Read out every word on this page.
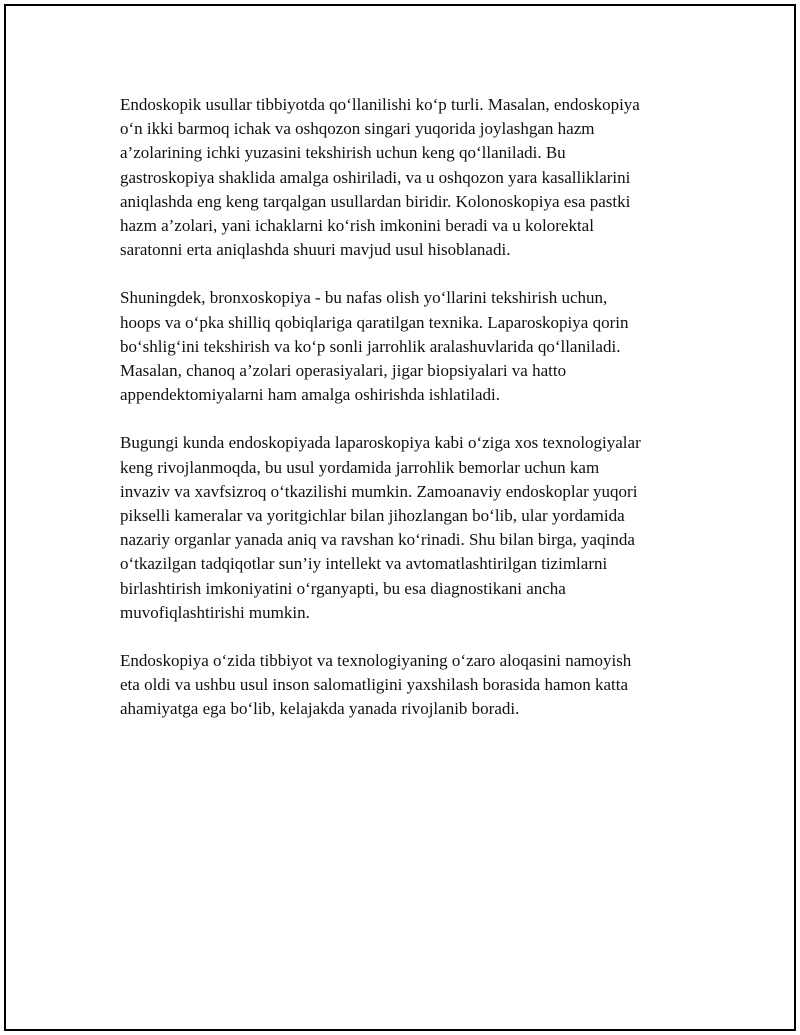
Endoskopik usullar tibbiyotda qo‘llanilishi ko‘p turli. Masalan, endoskopiya
o‘n ikki barmoq ichak va oshqozon singari yuqorida joylashgan hazm
a’zolarining ichki yuzasini tekshirish uchun keng qo‘llaniladi. Bu
gastroskopiya shaklida amalga oshiriladi, va u oshqozon yara kasalliklarini
aniqlashda eng keng tarqalgan usullardan biridir. Kolonoskopiya esa pastki
hazm a’zolari, yani ichaklarni ko‘rish imkonini beradi va u kolorektal
saratonni erta aniqlashda shuuri mavjud usul hisoblanadi.

Shuningdek, bronxoskopiya - bu nafas olish yo‘llarini tekshirish uchun,
hoops va o‘pka shilliq qobiqlariga qaratilgan texnika. Laparoskopiya qorin
bo‘shlig‘ini tekshirish va ko‘p sonli jarrohlik aralashuvlarida qo‘llaniladi.
Masalan, chanoq a’zolari operasiyalari, jigar biopsiyalari va hatto
appendektomiyalarni ham amalga oshirishda ishlatiladi.

Bugungi kunda endoskopiyada laparoskopiya kabi o‘ziga xos texnologiyalar
keng rivojlanmoqda, bu usul yordamida jarrohlik bemorlar uchun kam
invaziv va xavfsizroq o‘tkazilishi mumkin. Zamoanaviy endoskoplar yuqori
pikselli kameralar va yoritgichlar bilan jihozlangan bo‘lib, ular yordamida
nazariy organlar yanada aniq va ravshan ko‘rinadi. Shu bilan birga, yaqinda
o‘tkazilgan tadqiqotlar sun’iy intellekt va avtomatlashtirilgan tizimlarni
birlashtirish imkoniyatini o‘rganyapti, bu esa diagnostikani ancha
muvofiqlashtirishi mumkin.

Endoskopiya o‘zida tibbiyot va texnologiyaning o‘zaro aloqasini namoyish
eta oldi va ushbu usul inson salomatligini yaxshilash borasida hamon katta
ahamiyatga ega bo‘lib, kelajakda yanada rivojlanib boradi.
